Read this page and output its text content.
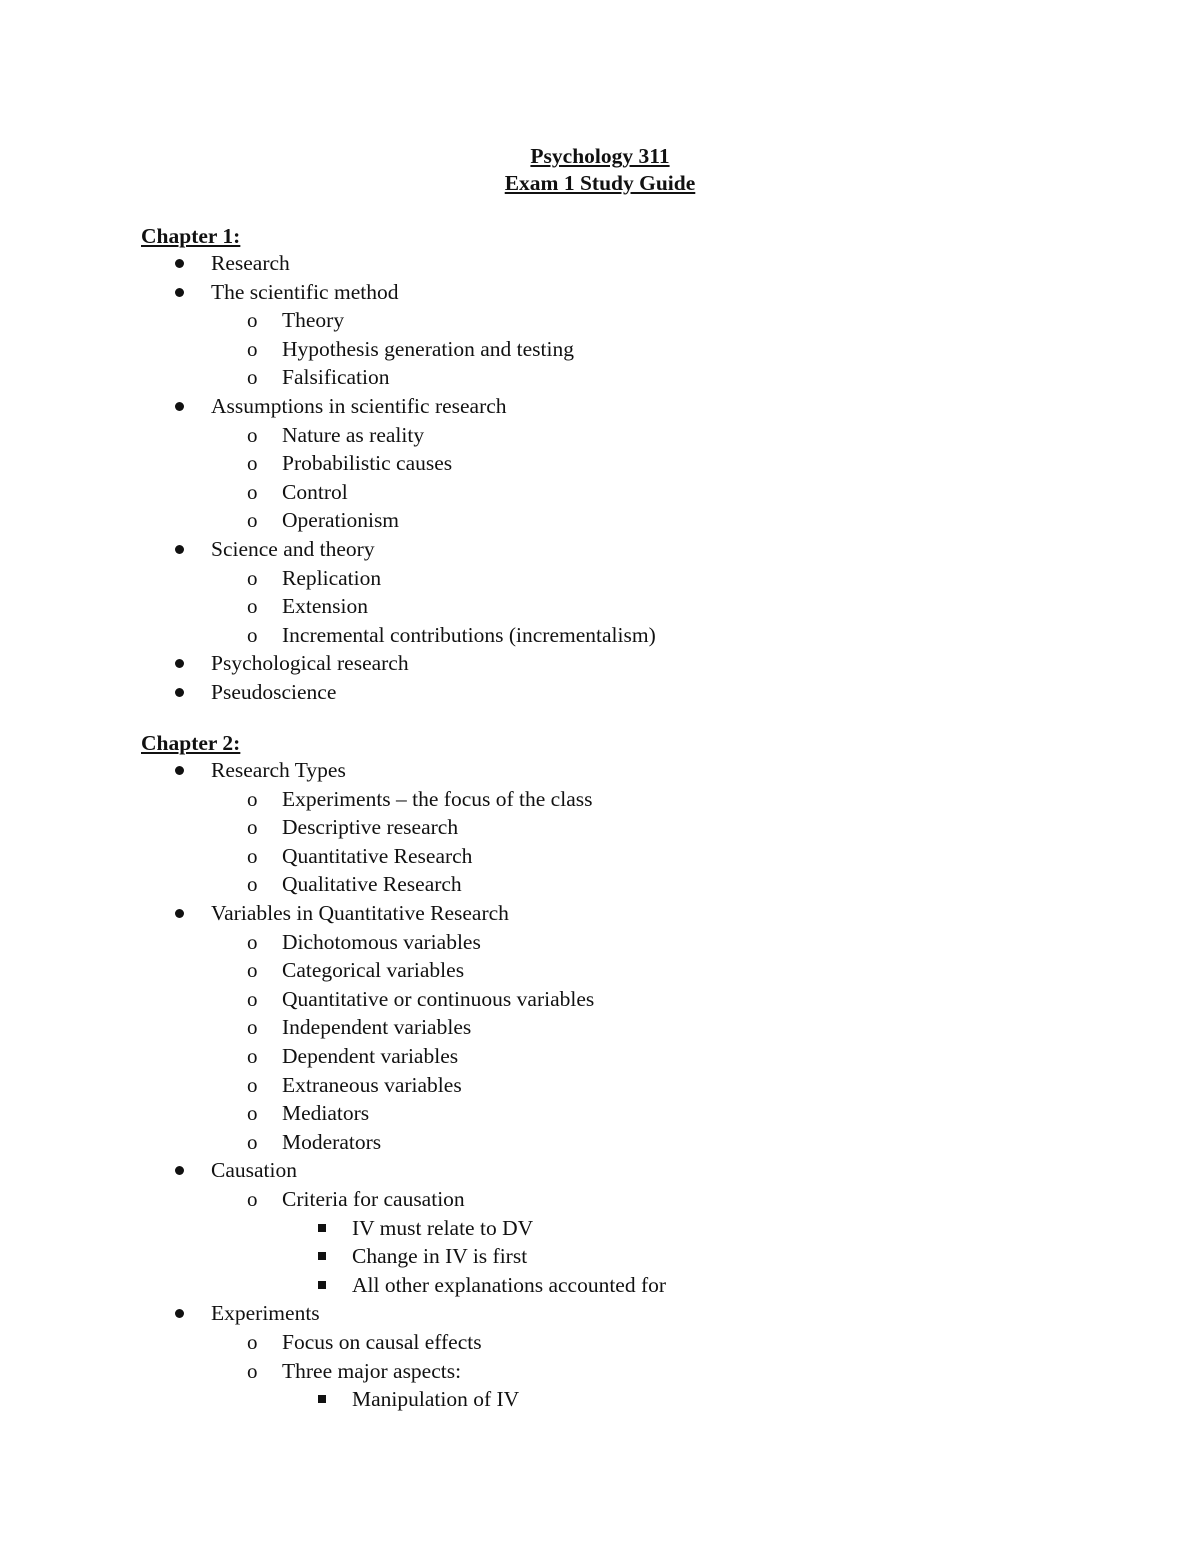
Psychology 311
Exam 1 Study Guide
Chapter 1:
Research
The scientific method
o Theory
o Hypothesis generation and testing
o Falsification
Assumptions in scientific research
o Nature as reality
o Probabilistic causes
o Control
o Operationism
Science and theory
o Replication
o Extension
o Incremental contributions (incrementalism)
Psychological research
Pseudoscience
Chapter 2:
Research Types
o Experiments – the focus of the class
o Descriptive research
o Quantitative Research
o Qualitative Research
Variables in Quantitative Research
o Dichotomous variables
o Categorical variables
o Quantitative or continuous variables
o Independent variables
o Dependent variables
o Extraneous variables
o Mediators
o Moderators
Causation
o Criteria for causation
IV must relate to DV
Change in IV is first
All other explanations accounted for
Experiments
o Focus on causal effects
o Three major aspects:
Manipulation of IV
